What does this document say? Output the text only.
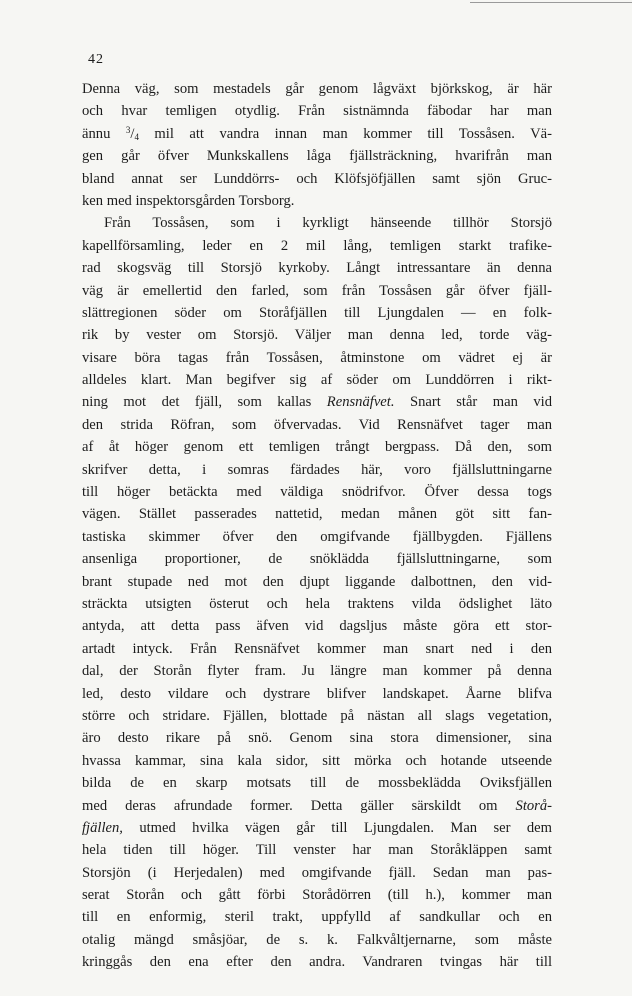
42
Denna väg, som mestadels går genom lågväxt björkskog, är här
och hvar temligen otydlig. Från sistnämnda fäbodar har man
ännu $^3/_4$ mil att vandra innan man kommer till Tossåsen. Vä-
gen går öfver Munkskallens låga fjällsträckning, hvarifrån man
bland annat ser Lunddörrs- och Klöfsjöfjällen samt sjön Gruc-
ken med inspektorsgården Torsborg.
Från Tossåsen, som i kyrkligt hänseende tillhör Storsjö
kapellförsamling, leder en 2 mil lång, temligen starkt trafike-
rad skogsväg till Storsjö kyrkoby. Långt intressantare än denna
väg är emellertid den farled, som från Tossåsen går öfver fjäll-
slättregionen söder om Storåfjällen till Ljungdalen — en folk-
rik by vester om Storsjö. Väljer man denna led, torde väg-
visare böra tagas från Tossåsen, åtminstone om vädret ej är
alldeles klart. Man begifver sig af söder om Lunddörren i rikt-
ning mot det fjäll, som kallas Rensnäfvet. Snart står man vid
den strida Röfran, som öfvervadas. Vid Rensnäfvet tager man
af åt höger genom ett temligen trångt bergpass. Då den, som
skrifver detta, i somras färdades här, voro fjällsluttningarne
till höger betäckta med väldiga snödrifvor. Öfver dessa togs
vägen. Stället passerades nattetid, medan månen göt sitt fan-
tastiska skimmer öfver den omgifvande fjällbygden. Fjällens
ansenliga proportioner, de snöklädda fjällsluttningarne, som
brant stupade ned mot den djupt liggande dalbottnen, den vid-
sträckta utsigten österut och hela traktens vilda ödslighet läto
antyda, att detta pass äfven vid dagsljus måste göra ett stor-
artadt intyck. Från Rensnäfvet kommer man snart ned i den
dal, der Storån flyter fram. Ju längre man kommer på denna
led, desto vildare och dystrare blifver landskapet. Åarne blifva
större och stridare. Fjällen, blottade på nästan all slags vegetation,
äro desto rikare på snö. Genom sina stora dimensioner, sina
hvassa kammar, sina kala sidor, sitt mörka och hotande utseende
bilda de en skarp motsats till de mossbeklädda Oviksfjällen
med deras afrundade former. Detta gäller särskildt om Storå-
fjällen, utmed hvilka vägen går till Ljungdalen. Man ser dem
hela tiden till höger. Till venster har man Storåkläppen samt
Storsjön (i Herjedalen) med omgifvande fjäll. Sedan man pas-
serat Storån och gått förbi Storådörren (till h.), kommer man
till en enformig, steril trakt, uppfylld af sandkullar och en
otalig mängd småsjöar, de s. k. Falkvåltjernarne, som måste
kringgås den ena efter den andra. Vandraren tvingas här till
